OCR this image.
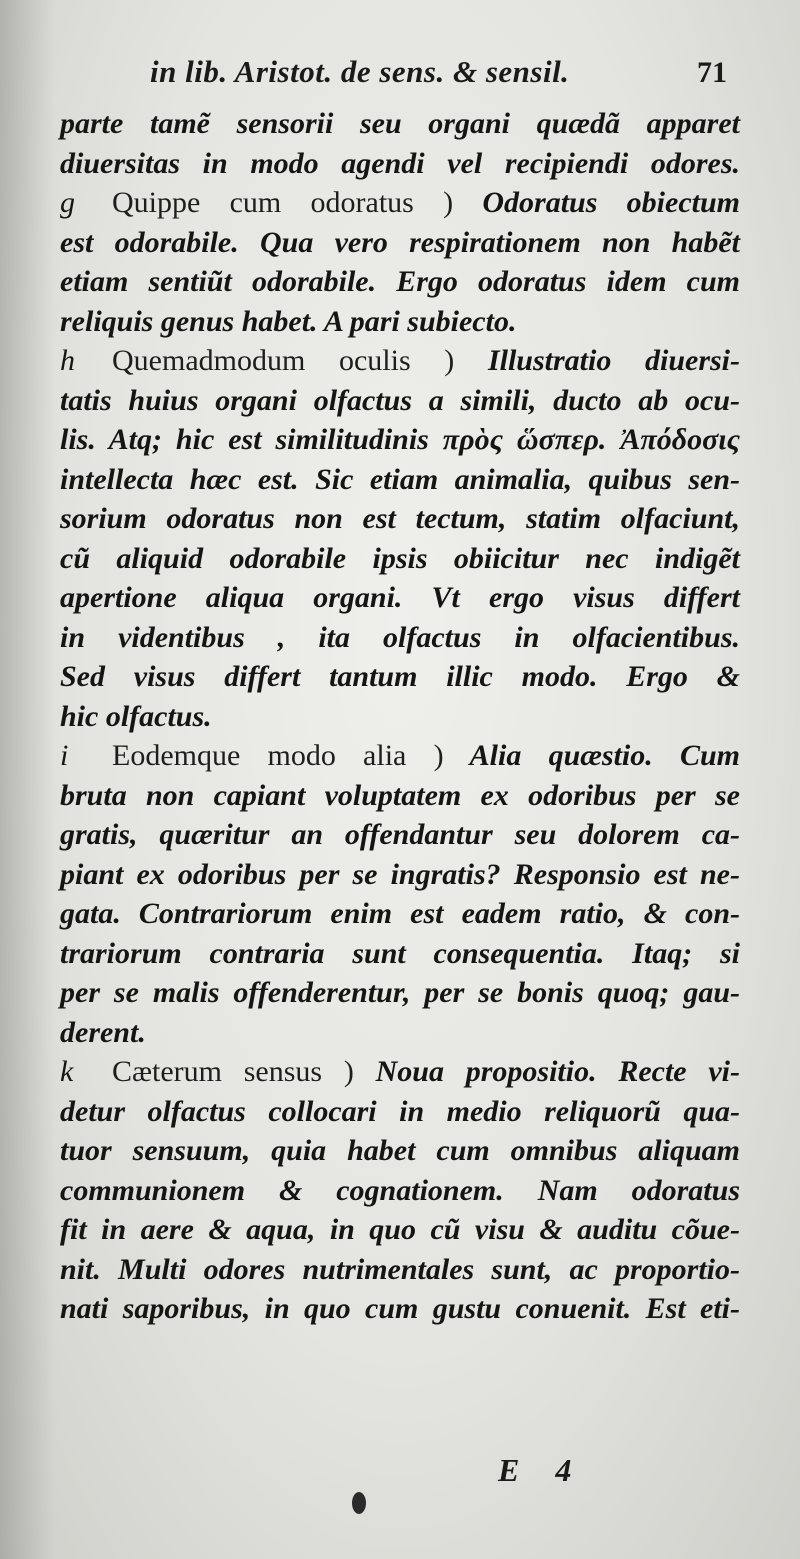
in lib. Aristot. de sens. & sensil.	71
parte tamẽ sensorii seu organi quædã apparet
diuersitas in modo agendi vel recipiendi odores.
g Quippe cum odoratus ) Odoratus obiectum
est odorabile. Qua vero respirationem non habẽt
etiam sentiũt odorabile. Ergo odoratus idem cum
reliquis genus habet. A pari subiecto.
h Quemadmodum oculis ) Illustratio diuersi-
tatis huius organi olfactus a simili, ducto ab ocu-
lis. Atq; hic est similitudinis πρὸς ὥσπερ. Ἀπόδοσις
intellecta hæc est. Sic etiam animalia, quibus sen-
sorium odoratus non est tectum, statim olfaciunt,
cũ aliquid odorabile ipsis obiicitur nec indigẽt
apertione aliqua organi. Vt ergo visus differt
in videntibus , ita olfactus in olfacientibus.
Sed visus differt tantum illic modo. Ergo &
hic olfactus.
i Eodemque modo alia ) Alia quæstio. Cum
bruta non capiant voluptatem ex odoribus per se
gratis, quæritur an offendantur seu dolorem ca-
piant ex odoribus per se ingratis? Responsio est ne-
gata. Contrariorum enim est eadem ratio, & con-
trariorum contraria sunt consequentia. Itaq; si
per se malis offenderentur, per se bonis quoq; gau-
derent.
k Cæterum sensus ) Noua propositio. Recte vi-
detur olfactus collocari in medio reliquorũ qua-
tuor sensuum, quia habet cum omnibus aliquam
communionem & cognationem. Nam odoratus
fit in aere & aqua, in quo cũ visu & auditu cõue-
nit. Multi odores nutrimentales sunt, ac proportio-
nati saporibus, in quo cum gustu conuenit. Est eti-
E 4
